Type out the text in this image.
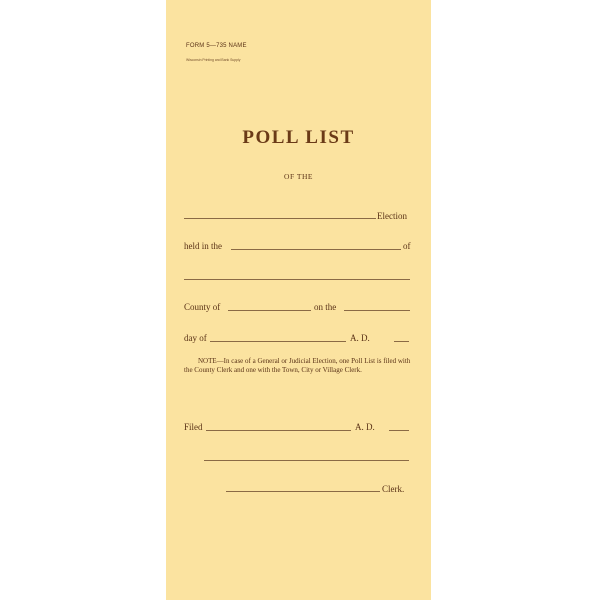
FORM 5—735 NAME
Wisconsin Printing and Bank Supply
POLL LIST
OF THE
Election
held in the	of
County of	on the
day of	A. D.
NOTE—In case of a General or Judicial Election, one Poll List is filed with the County Clerk and one with the Town, City or Village Clerk.
Filed	A. D.
Clerk.
